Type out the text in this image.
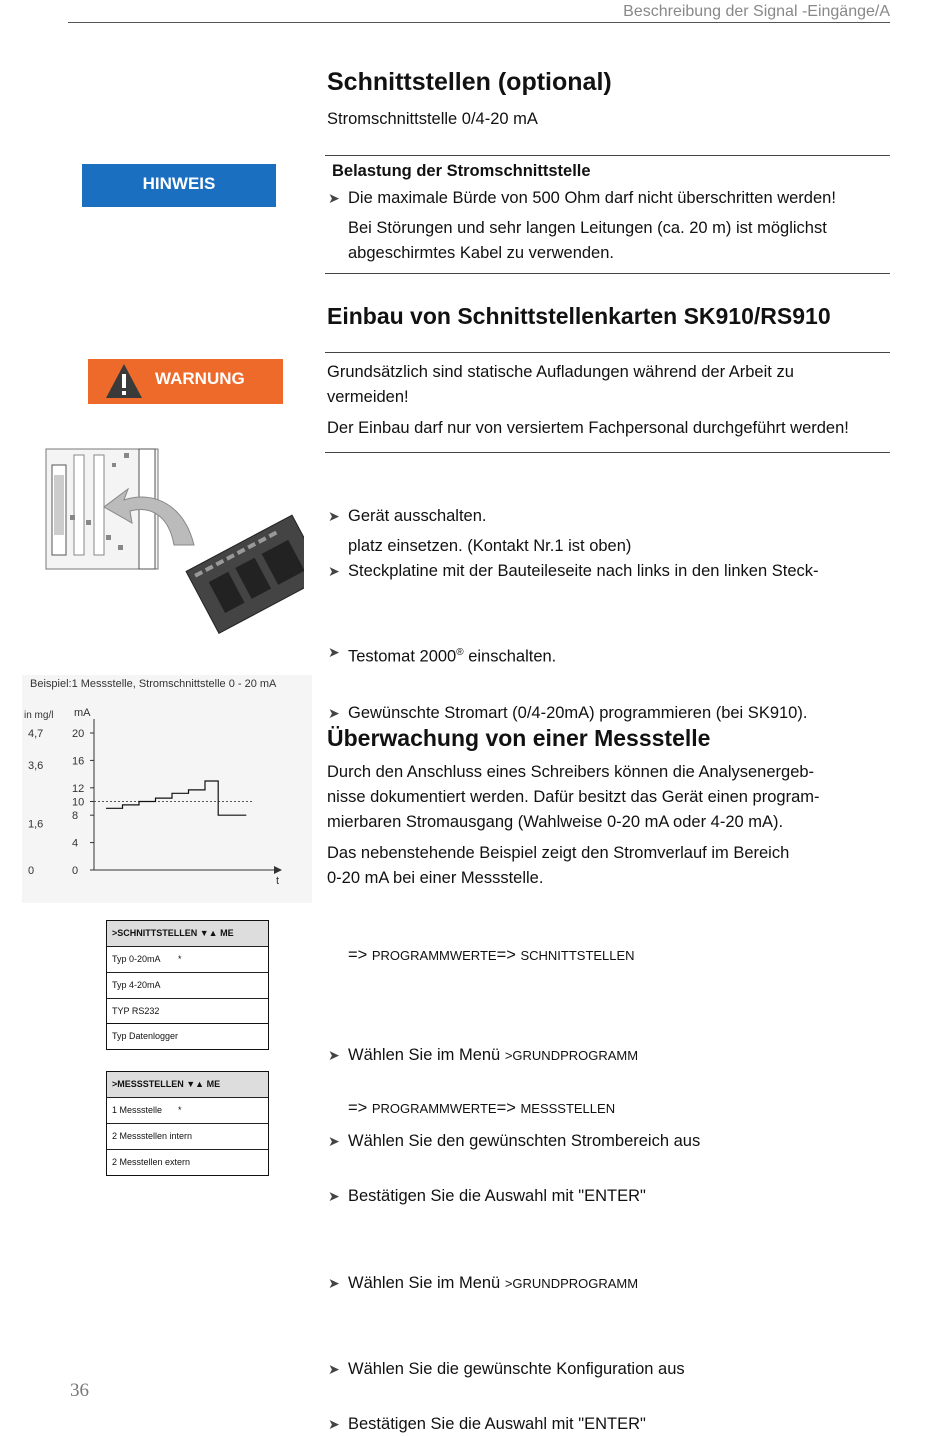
Beschreibung der Signal -Eingänge/A
Schnittstellen (optional)
Stromschnittstelle 0/4-20 mA
HINWEIS
Belastung der Stromschnittstelle
➤ Die maximale Bürde von 500 Ohm darf nicht überschritten werden!
Bei Störungen und sehr langen Leitungen (ca. 20 m) ist möglichst
abgeschirmtes Kabel zu verwenden.
Einbau von Schnittstellenkarten SK910/RS910
WARNUNG	Grundsätzlich sind statische Aufladungen während der Arbeit zu
vermeiden!
Der Einbau darf nur von versiertem Fachpersonal durchgeführt werden!
➤ Gerät ausschalten.
➤ Steckplatine mit der Bauteileseite nach links in den linken Steck-
platz einsetzen. (Kontakt Nr.1 ist oben)
➤ Testomat 2000® einschalten.
➤ Gewünschte Stromart (0/4-20mA) programmieren (bei SK910).
Beispiel:1 Messstelle, Stromschnittstelle 0 - 20 mA
in mg/l mA
t
20
16
12
10
8
4
0
4,7
3,6
1,6
0
Überwachung von einer Messstelle
Durch den Anschluss eines Schreibers können die Analysenergeb-
nisse dokumentiert werden. Dafür besitzt das Gerät einen program-
mierbaren Stromausgang (Wahlweise 0-20 mA oder 4-20 mA).
Das nebenstehende Beispiel zeigt den Stromverlauf im Bereich
0-20 mA bei einer Messstelle.
>SCHNITTSTELLEN ▼▲ ME
Typ 0-20mA *
Typ 4-20mA
TYP RS232
Typ Datenlogger
>MESSSTELLEN ▼▲ ME
1 Messstelle *
2 Messstellen intern
2 Messtellen extern
➤ Wählen Sie im Menü >GRUNDPROGRAMM
=> PROGRAMMWERTE=> SCHNITTSTELLEN
➤ Wählen Sie den gewünschten Strombereich aus
➤ Bestätigen Sie die Auswahl mit "ENTER"
➤ Wählen Sie im Menü >GRUNDPROGRAMM
=> PROGRAMMWERTE=> MESSSTELLEN
➤ Wählen Sie die gewünschte Konfiguration aus
➤ Bestätigen Sie die Auswahl mit "ENTER"
36
